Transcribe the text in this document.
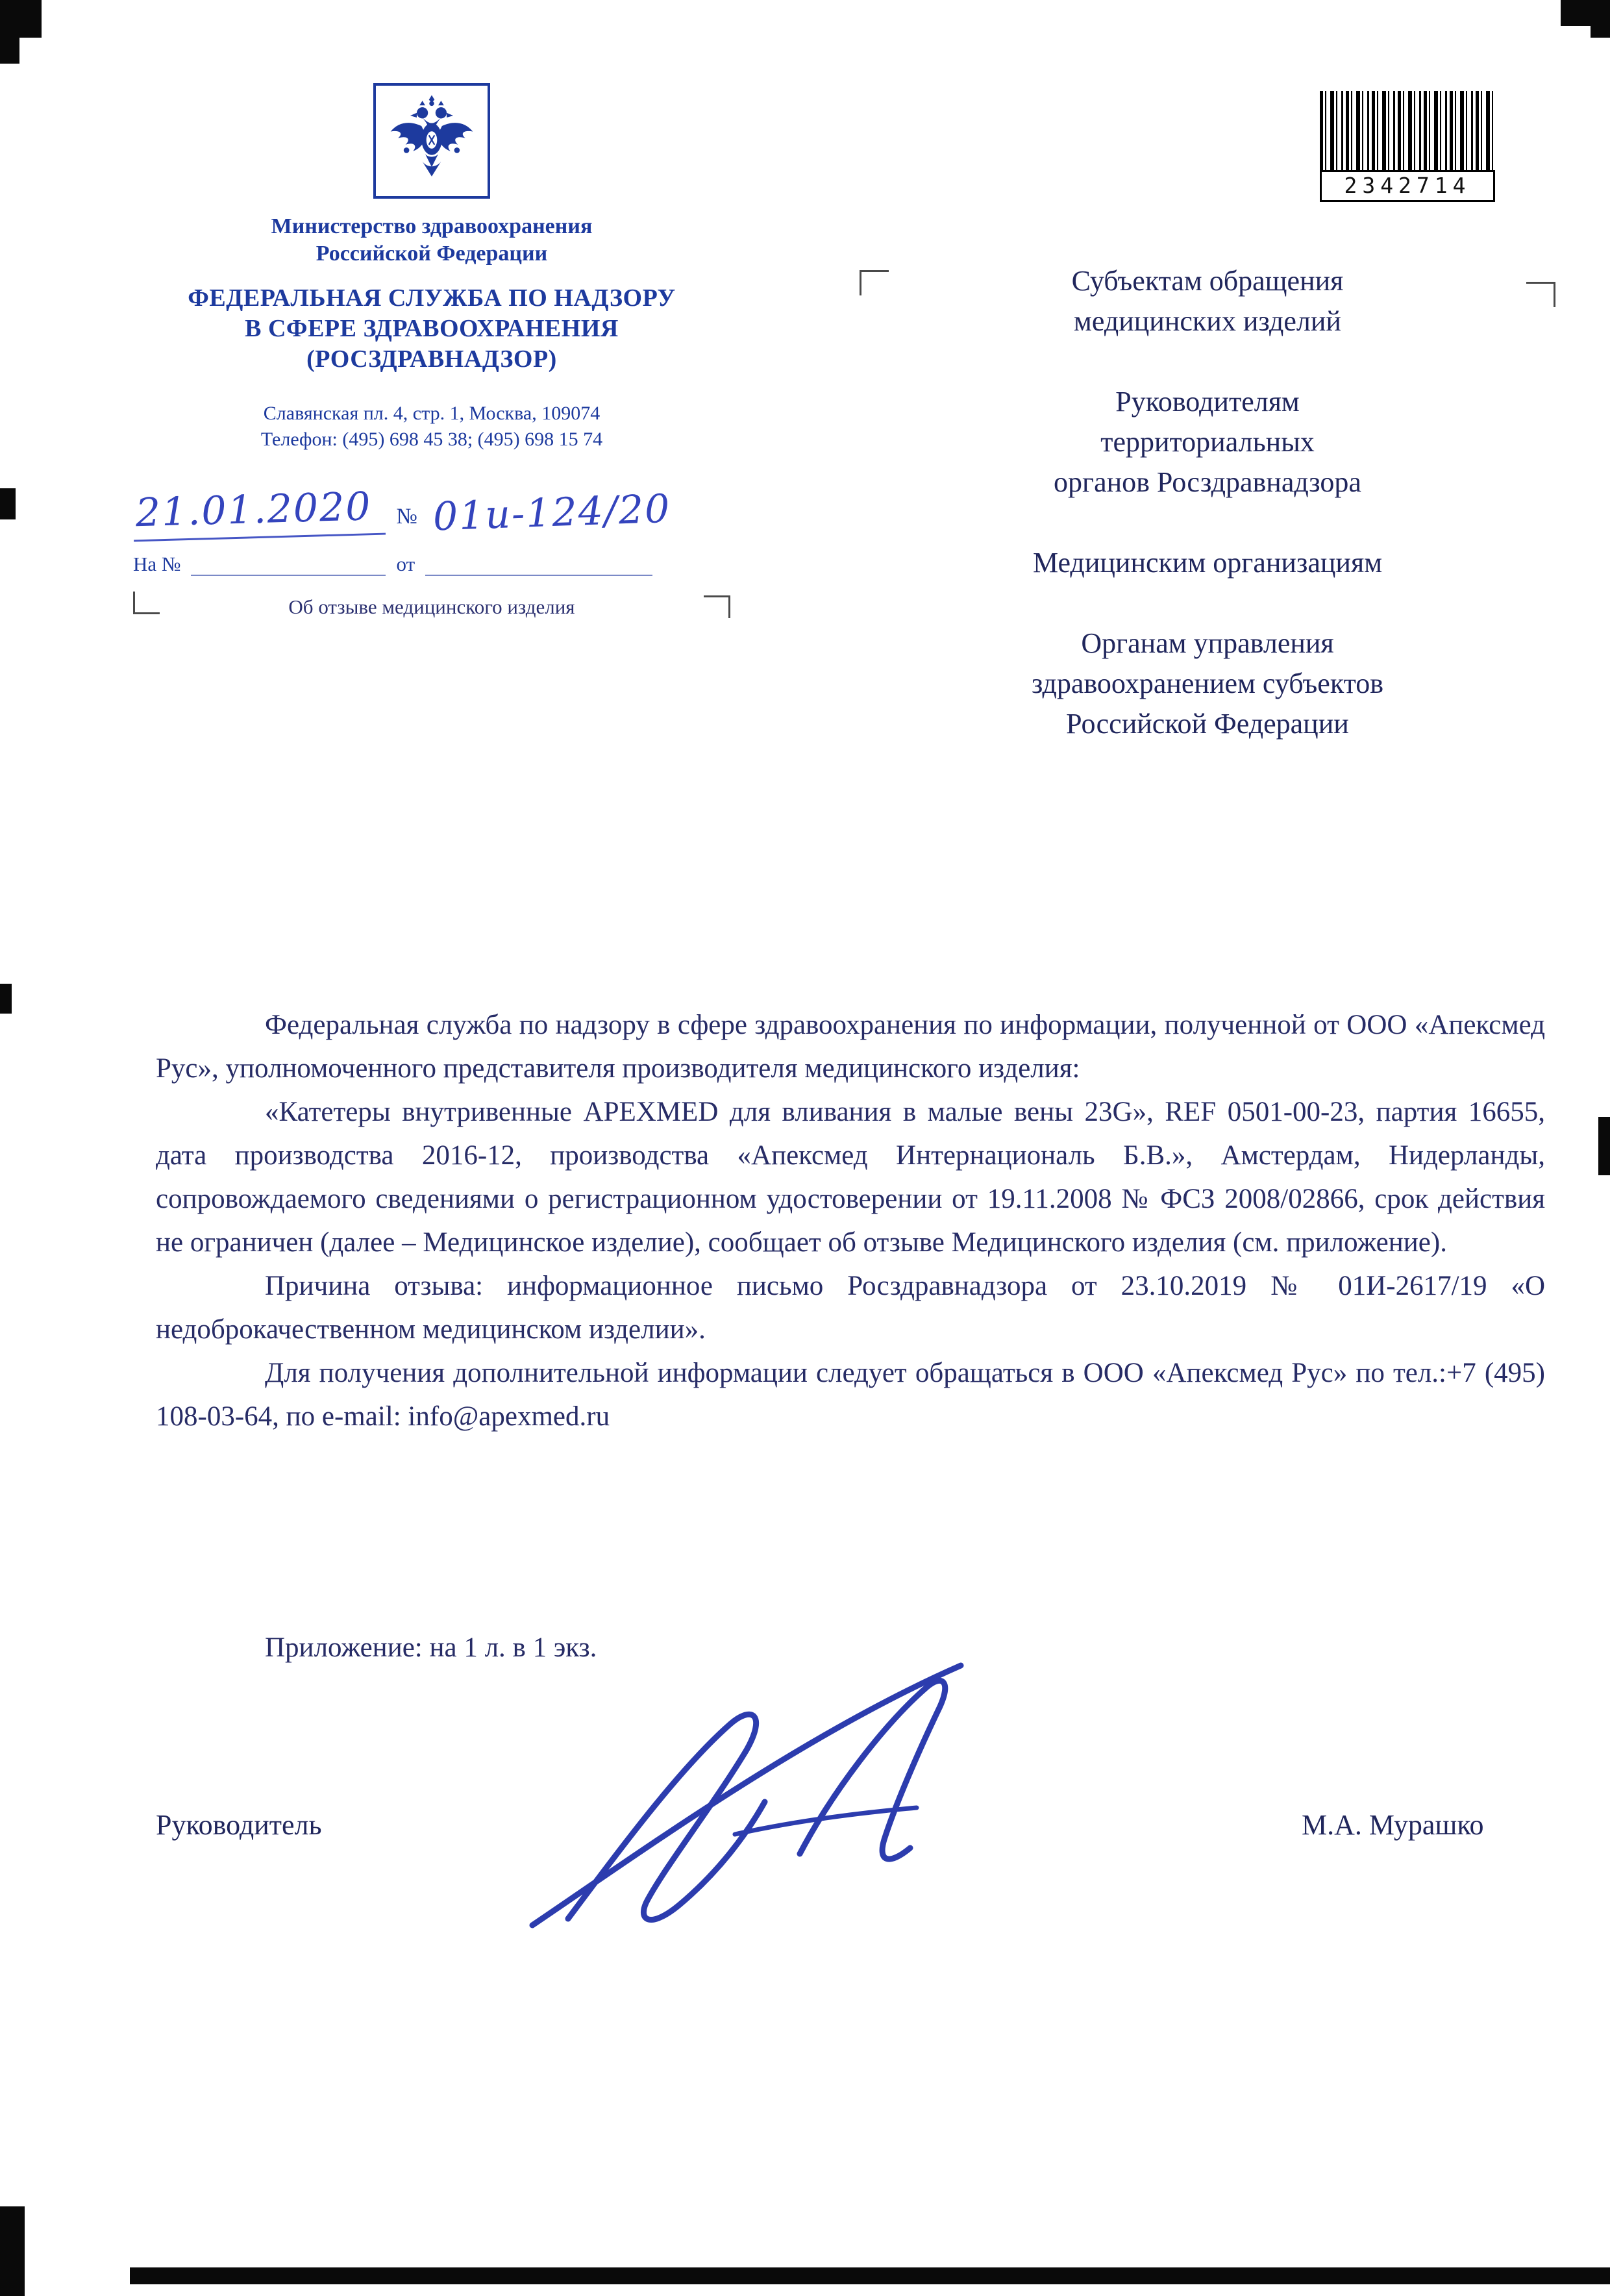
2342714
Министерство здравоохранения
Российской Федерации
ФЕДЕРАЛЬНАЯ СЛУЖБА ПО НАДЗОРУ
В СФЕРЕ ЗДРАВООХРАНЕНИЯ
(РОСЗДРАВНАДЗОР)
Славянская пл. 4, стр. 1, Москва, 109074
Телефон: (495) 698 45 38; (495) 698 15 74
21.01.2020	№ 01и-124/20
На №	от
Об отзыве медицинского изделия
Субъектам обращения
медицинских изделий
Руководителям
территориальных
органов Росздравнадзора
Медицинским организациям
Органам управления
здравоохранением субъектов
Российской Федерации

Федеральная служба по надзору в сфере здравоохранения по информации, полученной от ООО «Апексмед Рус», уполномоченного представителя производителя медицинского изделия:

«Катетеры внутривенные APEXMED для вливания в малые вены 23G», REF 0501-00-23, партия 16655, дата производства 2016-12, производства «Апексмед Интернациональ Б.В.», Амстердам, Нидерланды, сопровождаемого сведениями о регистрационном удостоверении от 19.11.2008 № ФСЗ 2008/02866, срок действия не ограничен (далее – Медицинское изделие), сообщает об отзыве Медицинского изделия (см. приложение).

Причина отзыва: информационное письмо Росздравнадзора от 23.10.2019 № 01И-2617/19 «О недоброкачественном медицинском изделии».

Для получения дополнительной информации следует обращаться в ООО «Апексмед Рус» по тел.:+7 (495) 108-03-64, по e-mail: info@apexmed.ru

Приложение: на 1 л. в 1 экз.
Руководитель	М.А. Мурашко
